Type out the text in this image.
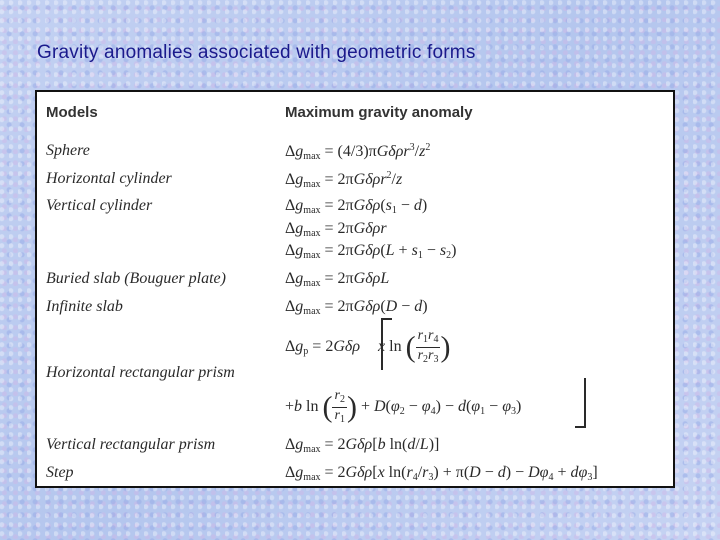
Gravity anomalies associated with geometric forms
Models	Maximum gravity anomaly
Sphere
Horizontal cylinder
Vertical cylinder
Buried slab (Bouguer plate)
Infinite slab
Horizontal rectangular prism
Vertical rectangular prism
Step
$\Delta g_{max} = (4/3)\pi G\delta\rho r^3/z^2$
$\Delta g_{max} = 2\pi G\delta\rho r^2/z$
$\Delta g_{max} = 2\pi G\delta\rho(s_1 - d)$
$\Delta g_{max} = 2\pi G\delta\rho r$
$\Delta g_{max} = 2\pi G\delta\rho(L + s_1 - s_2)$
$\Delta g_{max} = 2\pi G\delta\rho L$
$\Delta g_{max} = 2\pi G\delta\rho(D - d)$
$\Delta g_p = 2G\delta\rho$ x ln ( $\frac{r_1r_4}{r_2r_3}$ )
+b ln ( $\frac{r_2}{r_1}$ ) + $D(\varphi_2 - \varphi_4) - d(\varphi_1 - \varphi_3)$
$\Delta g_{max} = 2G\delta\rho[b$ ln(d/L)]
$\Delta g_{max} = 2G\delta\rho[x$ $\ln(r_4/r_3) + \pi(D - d) - D\varphi_4 + d\varphi_3$]
